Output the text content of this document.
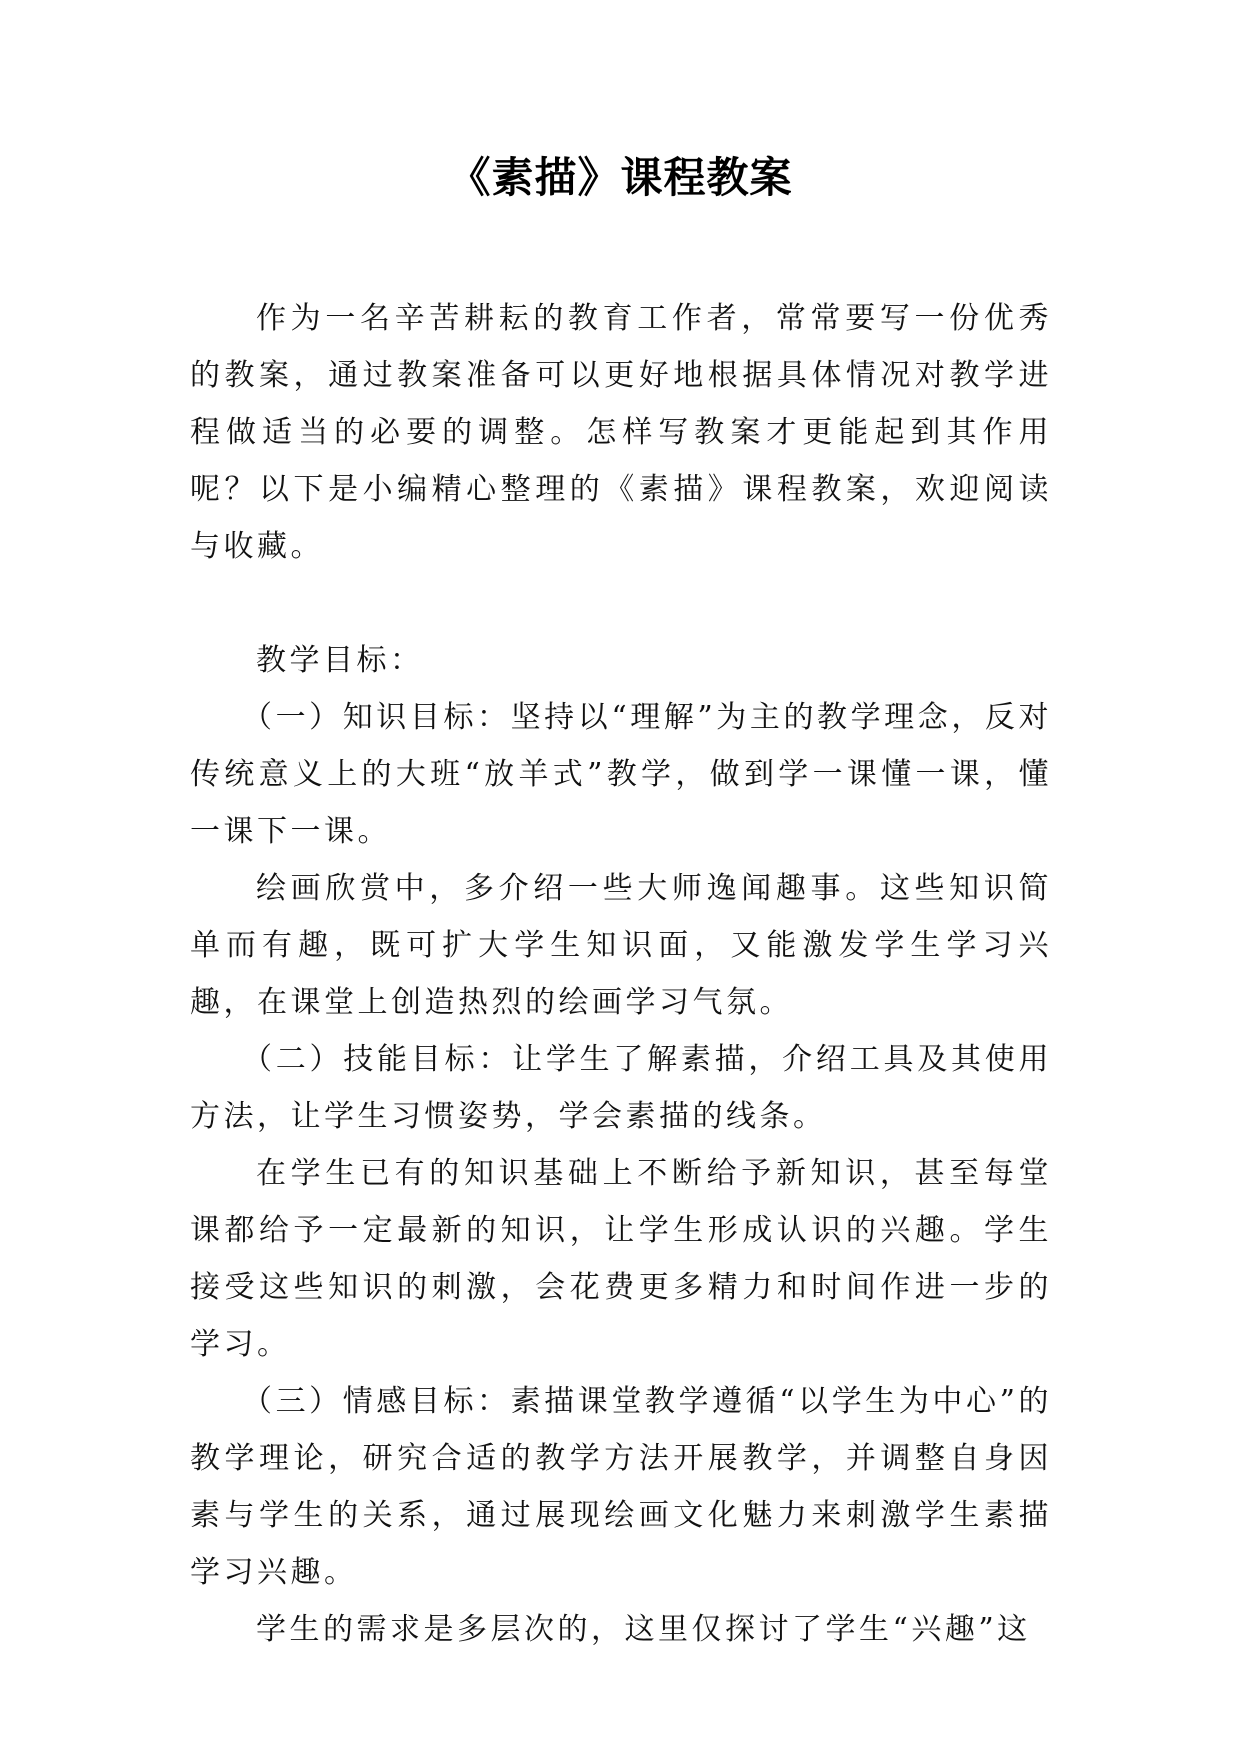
《素描》课程教案

作为一名辛苦耕耘的教育工作者，常常要写一份优秀的教案，通过教案准备可以更好地根据具体情况对教学进程做适当的必要的调整。怎样写教案才更能起到其作用呢？以下是小编精心整理的《素描》课程教案，欢迎阅读与收藏。

教学目标：

（一）知识目标：坚持以“理解”为主的教学理念，反对传统意义上的大班“放羊式”教学，做到学一课懂一课，懂一课下一课。

绘画欣赏中，多介绍一些大师逸闻趣事。这些知识简单而有趣，既可扩大学生知识面，又能激发学生学习兴趣，在课堂上创造热烈的绘画学习气氛。

（二）技能目标：让学生了解素描，介绍工具及其使用方法，让学生习惯姿势，学会素描的线条。

在学生已有的知识基础上不断给予新知识，甚至每堂课都给予一定最新的知识，让学生形成认识的兴趣。学生接受这些知识的刺激，会花费更多精力和时间作进一步的学习。

（三）情感目标：素描课堂教学遵循“以学生为中心”的教学理论，研究合适的教学方法开展教学，并调整自身因素与学生的关系，通过展现绘画文化魅力来刺激学生素描学习兴趣。

学生的需求是多层次的，这里仅探讨了学生“兴趣”这
